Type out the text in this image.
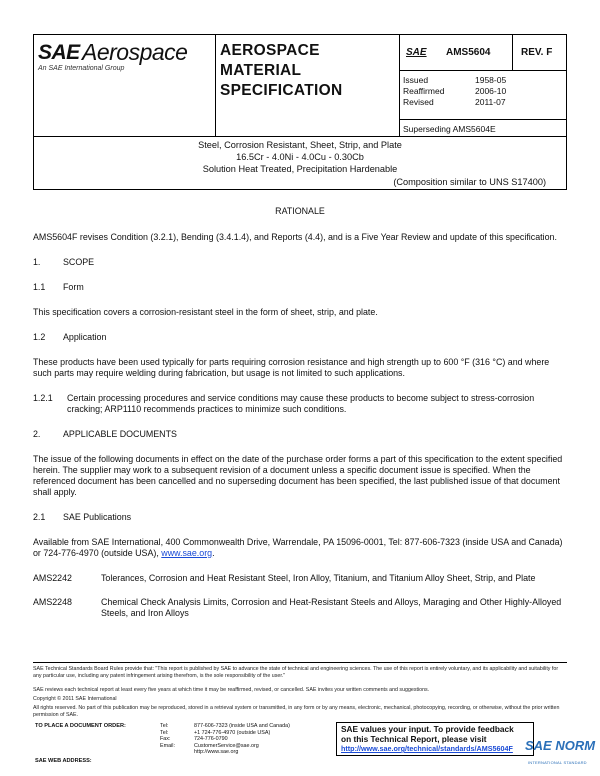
SAE Aerospace
An SAE International Group
AEROSPACE
MATERIAL
SPECIFICATION
SAE AMS5604	REV. F
Issued	1958-05
Reaffirmed	2006-10
Revised	2011-07
Superseding AMS5604E
Steel, Corrosion Resistant, Sheet, Strip, and Plate
16.5Cr - 4.0Ni - 4.0Cu - 0.30Cb
Solution Heat Treated, Precipitation Hardenable
(Composition similar to UNS S17400)
RATIONALE
AMS5604F revises Condition (3.2.1), Bending (3.4.1.4), and Reports (4.4), and is a Five Year Review and update of this specification.
1.	SCOPE
1.1 Form
This specification covers a corrosion-resistant steel in the form of sheet, strip, and plate.
1.2 Application
These products have been used typically for parts requiring corrosion resistance and high strength up to 600 °F (316 °C) and where such parts may require welding during fabrication, but usage is not limited to such applications.
1.2.1	Certain processing procedures and service conditions may cause these products to become subject to stress-corrosion cracking; ARP1110 recommends practices to minimize such conditions.
2.	APPLICABLE DOCUMENTS
The issue of the following documents in effect on the date of the purchase order forms a part of this specification to the extent specified herein. The supplier may work to a subsequent revision of a document unless a specific document issue is specified. When the referenced document has been cancelled and no superseding document has been specified, the last published issue of that document shall apply.
2.1 SAE Publications
Available from SAE International, 400 Commonwealth Drive, Warrendale, PA 15096-0001, Tel: 877-606-7323 (inside USA and Canada) or 724-776-4970 (outside USA), www.sae.org.
AMS2242	Tolerances, Corrosion and Heat Resistant Steel, Iron Alloy, Titanium, and Titanium Alloy Sheet, Strip, and Plate
AMS2248	Chemical Check Analysis Limits, Corrosion and Heat-Resistant Steels and Alloys, Maraging and Other Highly-Alloyed Steels, and Iron Alloys
SAE Technical Standards Board Rules provide that: "This report is published by SAE to advance the state of technical and engineering sciences. The use of this report is entirely voluntary, and its applicability and suitability for any particular use, including any patent infringement arising therefrom, is the sole responsibility of the user."
SAE reviews each technical report at least every five years at which time it may be reaffirmed, revised, or cancelled. SAE invites your written comments and suggestions.
Copyright © 2011 SAE International
All rights reserved. No part of this publication may be reproduced, stored in a retrieval system or transmitted, in any form or by any means, electronic, mechanical, photocopying, recording, or otherwise, without the prior written permission of SAE.
TO PLACE A DOCUMENT ORDER:	Tel:	877-606-7323 (inside USA and Canada)
Tel:	+1 724-776-4970 (outside USA)
Fax:	724-776-0790
Email:	CustomerService@sae.org
http://www.sae.org
SAE WEB ADDRESS:
SAE values your input. To provide feedback
on this Technical Report, please visit
http://www.sae.org/technical/standards/AMS5604F SAE NORM
INTERNATIONAL STANDARD
